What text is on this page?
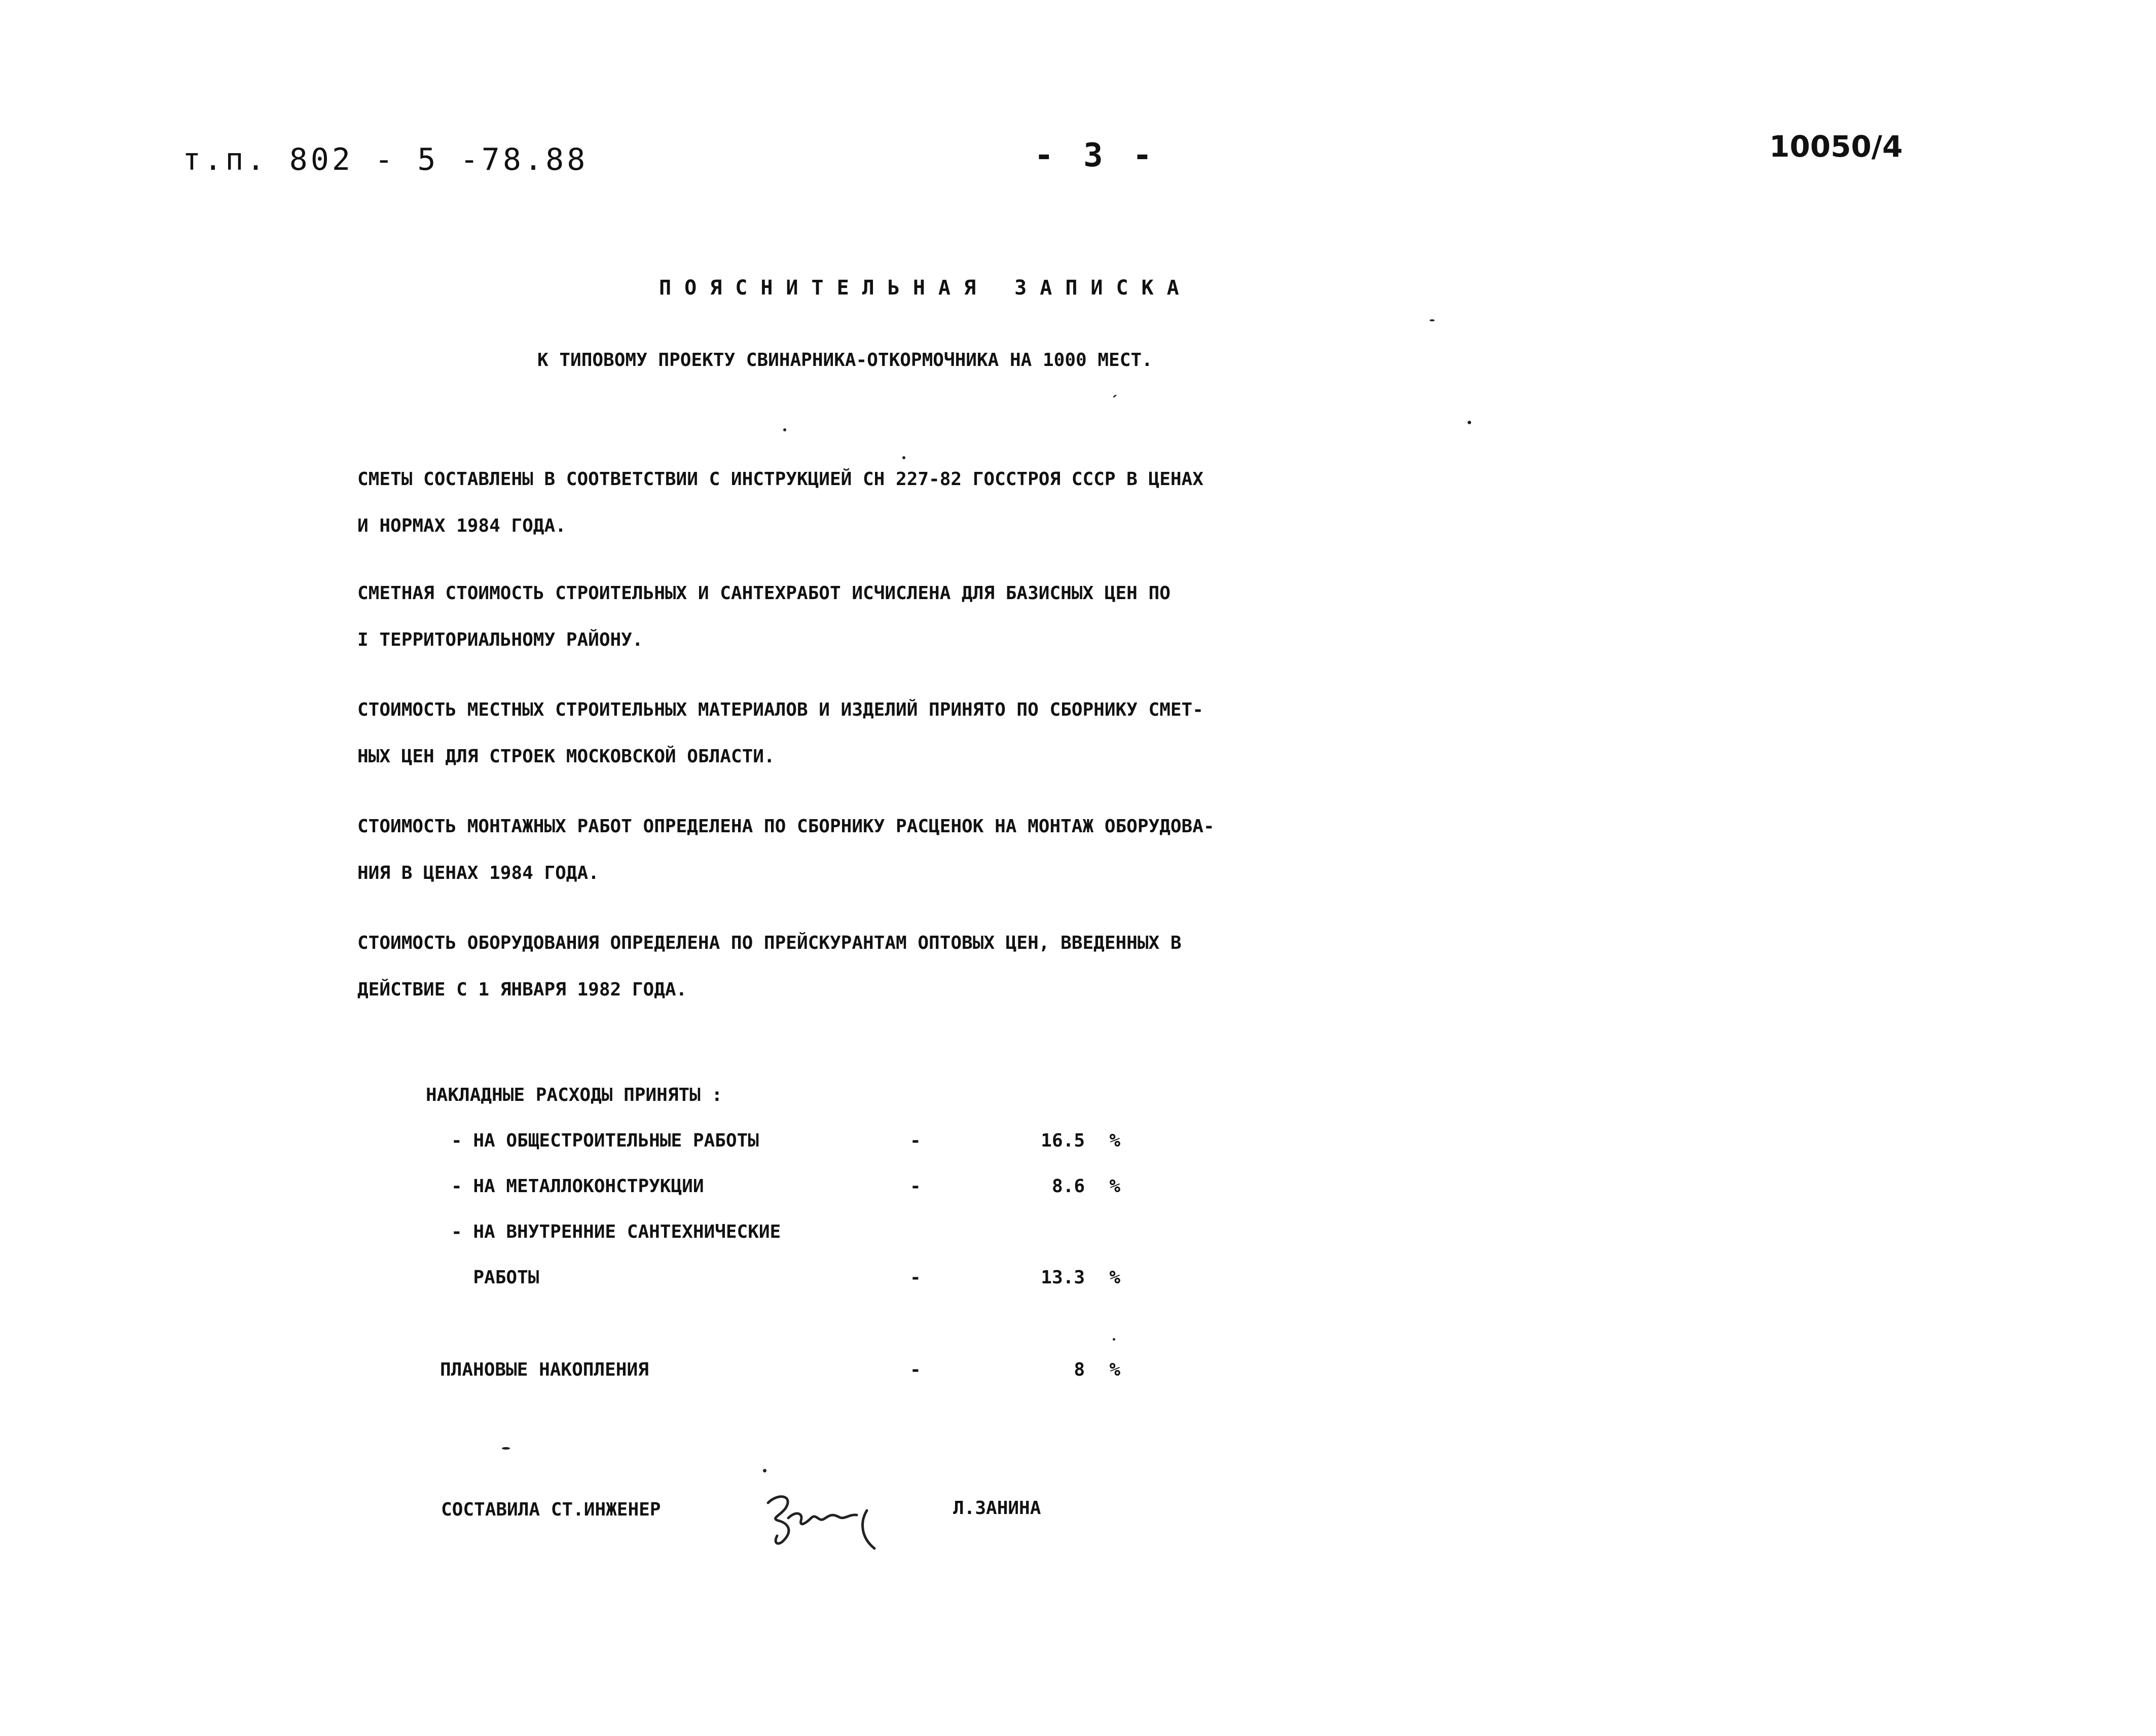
т.п. 802 - 5 -78.88	- 3 -	10050/4
ПОЯСНИТЕЛЬНАЯ ЗАПИСКА
К ТИПОВОМУ ПРОЕКТУ СВИНАРНИКА-ОТКОРМОЧНИКА НА 1000 МЕСТ.
СМЕТЫ СОСТАВЛЕНЫ В СООТВЕТСТВИИ С ИНСТРУКЦИЕЙ СН 227-82 ГОССТРОЯ СССР В ЦЕНАХ
И НОРМАХ 1984 ГОДА.
СМЕТНАЯ СТОИМОСТЬ СТРОИТЕЛЬНЫХ И САНТЕХРАБОТ ИСЧИСЛЕНА ДЛЯ БАЗИСНЫХ ЦЕН ПО
I ТЕРРИТОРИАЛЬНОМУ РАЙОНУ.
СТОИМОСТЬ МЕСТНЫХ СТРОИТЕЛЬНЫХ МАТЕРИАЛОВ И ИЗДЕЛИЙ ПРИНЯТО ПО СБОРНИКУ СМЕТ-
НЫХ ЦЕН ДЛЯ СТРОЕК МОСКОВСКОЙ ОБЛАСТИ.
СТОИМОСТЬ МОНТАЖНЫХ РАБОТ ОПРЕДЕЛЕНА ПО СБОРНИКУ РАСЦЕНОК НА МОНТАЖ ОБОРУДОВА-
НИЯ В ЦЕНАХ 1984 ГОДА.
СТОИМОСТЬ ОБОРУДОВАНИЯ ОПРЕДЕЛЕНА ПО ПРЕЙСКУРАНТАМ ОПТОВЫХ ЦЕН, ВВЕДЕННЫХ В
ДЕЙСТВИЕ С 1 ЯНВАРЯ 1982 ГОДА.
НАКЛАДНЫЕ РАСХОДЫ ПРИНЯТЫ :
- НА ОБЩЕСТРОИТЕЛЬНЫЕ РАБОТЫ	-	16.5 %
- НА МЕТАЛЛОКОНСТРУКЦИИ	-	8.6 %
- НА ВНУТРЕННИЕ САНТЕХНИЧЕСКИЕ
РАБОТЫ	-	13.3 %
ПЛАНОВЫЕ НАКОПЛЕНИЯ	-	8 %
СОСТАВИЛА СТ.ИНЖЕНЕР	Л.ЗАНИНА
